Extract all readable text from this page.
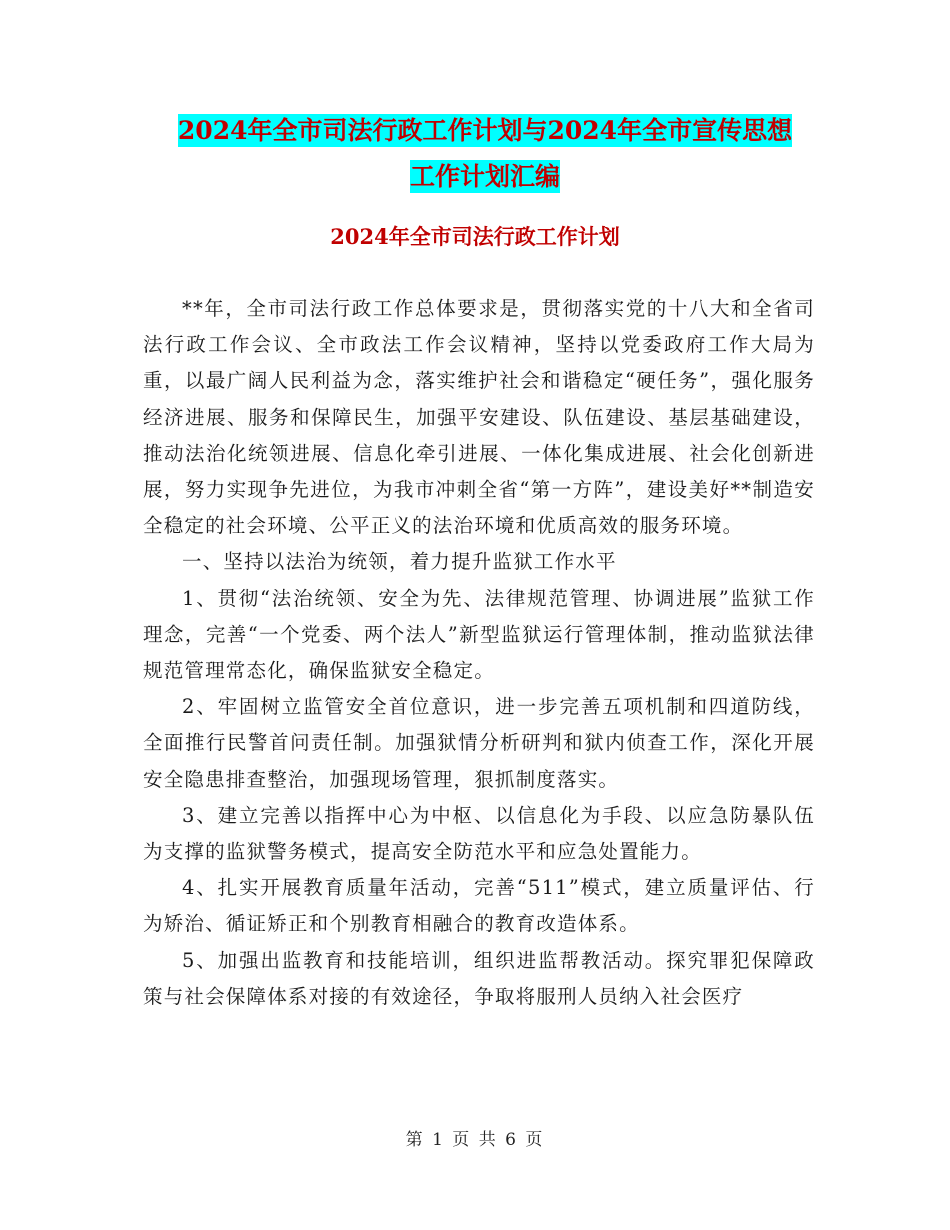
2024年全市司法行政工作计划与2024年全市宣传思想
工作计划汇编
2024年全市司法行政工作计划

**年，全市司法行政工作总体要求是，贯彻落实党的十八大和全省司法行政工作会议、全市政法工作会议精神，坚持以党委政府工作大局为重，以最广阔人民利益为念，落实维护社会和谐稳定“硬任务”，强化服务经济进展、服务和保障民生，加强平安建设、队伍建设、基层基础建设，推动法治化统领进展、信息化牵引进展、一体化集成进展、社会化创新进展，努力实现争先进位，为我市冲刺全省“第一方阵”，建设美好**制造安全稳定的社会环境、公平正义的法治环境和优质高效的服务环境。

一、坚持以法治为统领，着力提升监狱工作水平

1、贯彻“法治统领、安全为先、法律规范管理、协调进展”监狱工作理念，完善“一个党委、两个法人”新型监狱运行管理体制，推动监狱法律规范管理常态化，确保监狱安全稳定。

2、牢固树立监管安全首位意识，进一步完善五项机制和四道防线，全面推行民警首问责任制。加强狱情分析研判和狱内侦查工作，深化开展安全隐患排查整治，加强现场管理，狠抓制度落实。

3、建立完善以指挥中心为中枢、以信息化为手段、以应急防暴队伍为支撑的监狱警务模式，提高安全防范水平和应急处置能力。

4、扎实开展教育质量年活动，完善“511”模式，建立质量评估、行为矫治、循证矫正和个别教育相融合的教育改造体系。

5、加强出监教育和技能培训，组织进监帮教活动。探究罪犯保障政策与社会保障体系对接的有效途径，争取将服刑人员纳入社会医疗

第 1 页 共 6 页
